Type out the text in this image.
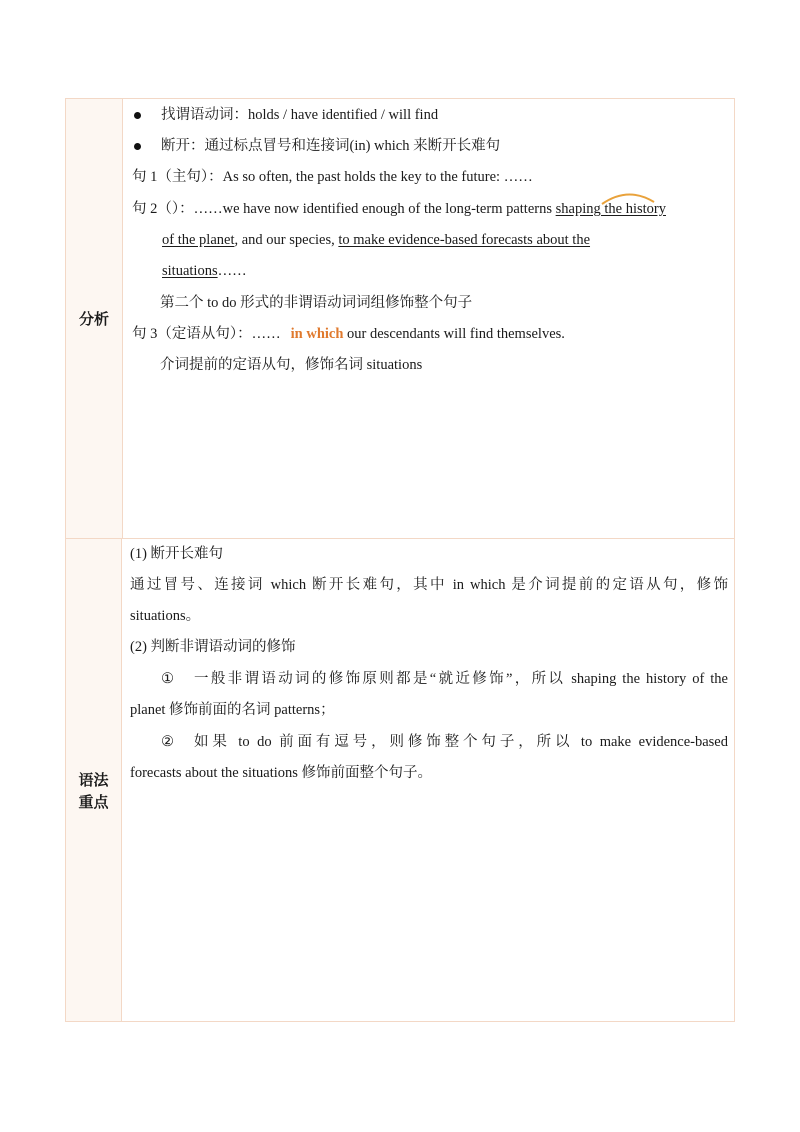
分析
找谓语动词：holds / have identified / will find
断开：通过标点冒号和连接词(in) which 来断开长难句
句 1（主句）：As so often, the past holds the key to the future: ……
句 2（）：……we have now identified enough of the long-term patterns shaping the history
of the planet, and our species, to make evidence-based forecasts about the
situations……
第二个 to do 形式的非谓语动词词组修饰整个句子
句 3（定语从句）：…… in which our descendants will find themselves.
介词提前的定语从句，修饰名词 situations
语法
重点
(1) 断开长难句
通过冒号、连接词 which 断开长难句，其中 in which 是介词提前的定语从句，修饰
situations。
(2) 判断非谓语动词的修饰
① 一般非谓语动词的修饰原则都是“就近修饰”，所以 shaping the history of the
planet 修饰前面的名词 patterns；
② 如果 to do 前面有逗号，则修饰整个句子，所以 to make evidence-based
forecasts about the situations 修饰前面整个句子。
